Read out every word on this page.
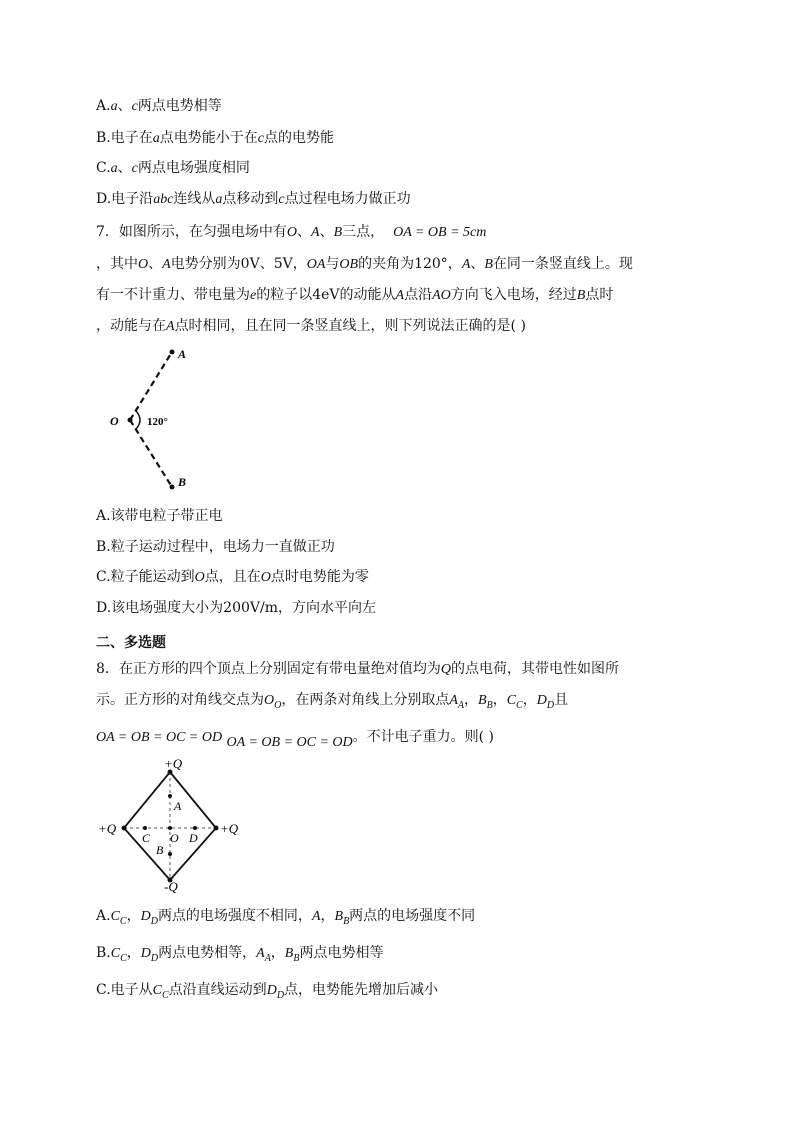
A.a、c两点电势相等
B.电子在a点电势能小于在c点的电势能
C.a、c两点电场强度相同
D.电子沿abc连线从a点移动到c点过程电场力做正功
7．如图所示，在匀强电场中有O、A、B三点， OA = OB = 5cm
，其中O、A电势分别为0V、5V，OA与OB的夹角为120°，A、B在同一条竖直线上。现
有一不计重力、带电量为e的粒子以4eV的动能从A点沿AO方向飞入电场，经过B点时
，动能与在A点时相同，且在同一条竖直线上，则下列说法正确的是( )
A
O
B
120°
A.该带电粒子带正电
B.粒子运动过程中，电场力一直做正功
C.粒子能运动到O点，且在O点时电势能为零
D.该电场强度大小为200V/m，方向水平向左
二、多选题
8．在正方形的四个顶点上分别固定有带电量绝对值均为Q的点电荷，其带电性如图所
示。正方形的对角线交点为$O_O$，在两条对角线上分别取点$A_A$，$B_B$，$C_C$，$D_D$且
OA = OB = OC = OD OA = OB = OC = OD。不计电子重力。则( )
+Q
+Q	+Q
-Q
A
B
C O D
$A.C_C$，$D_D$两点的电场强度不相同，A，$B_B$两点的电场强度不同
$B.C_C$，$D_D$两点电势相等，$A_A$，$B_B$两点电势相等
C.电子从$C_C$点沿直线运动到$D_D$点，电势能先增加后减小
